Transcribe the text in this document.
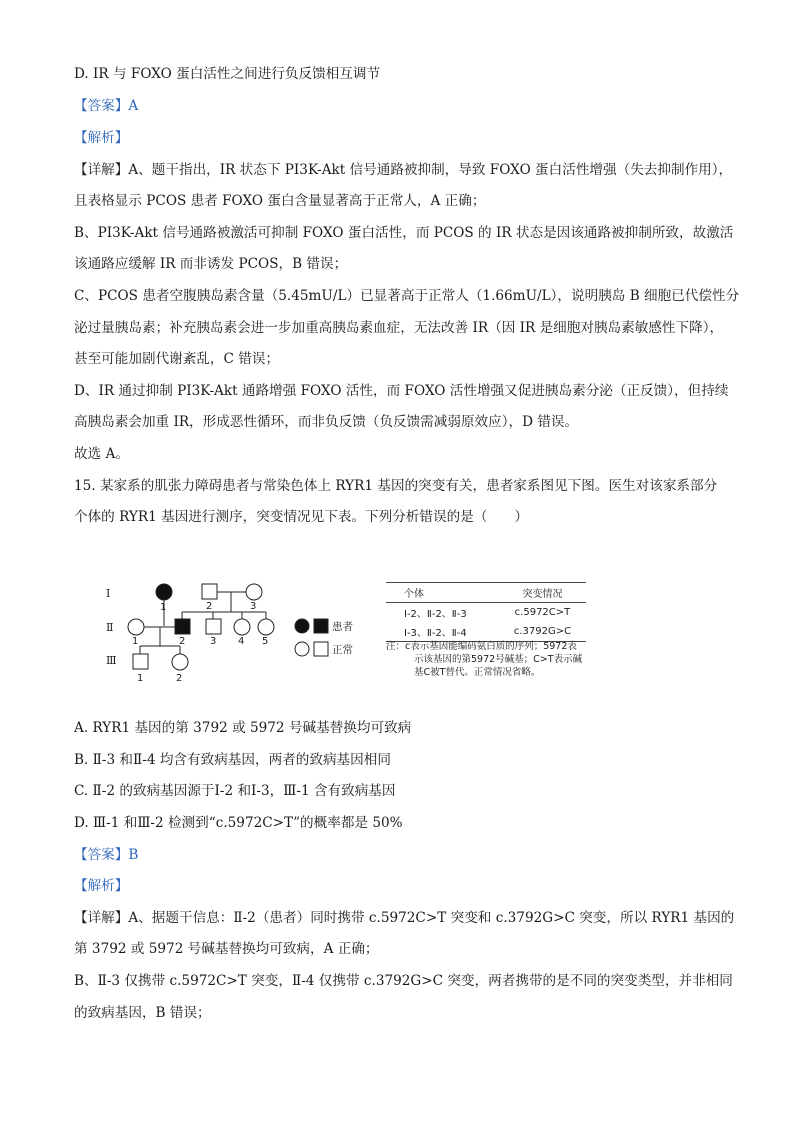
D. IR 与 FOXO 蛋白活性之间进行负反馈相互调节
【答案】A
【解析】
【详解】A、题干指出，IR 状态下 PI3K-Akt 信号通路被抑制，导致 FOXO 蛋白活性增强（失去抑制作用），
且表格显示 PCOS 患者 FOXO 蛋白含量显著高于正常人，A 正确；
B、PI3K-Akt 信号通路被激活可抑制 FOXO 蛋白活性，而 PCOS 的 IR 状态是因该通路被抑制所致，故激活
该通路应缓解 IR 而非诱发 PCOS，B 错误；
C、PCOS 患者空腹胰岛素含量（5.45mU/L）已显著高于正常人（1.66mU/L），说明胰岛 B 细胞已代偿性分
泌过量胰岛素；补充胰岛素会进一步加重高胰岛素血症，无法改善 IR（因 IR 是细胞对胰岛素敏感性下降），
甚至可能加剧代谢紊乱，C 错误；
D、IR 通过抑制 PI3K-Akt 通路增强 FOXO 活性，而 FOXO 活性增强又促进胰岛素分泌（正反馈），但持续
高胰岛素会加重 IR，形成恶性循环，而非负反馈（负反馈需减弱原效应），D 错误。
故选 A。
15. 某家系的肌张力障碍患者与常染色体上 RYR1 基因的突变有关，患者家系图见下图。医生对该家系部分
个体的 RYR1 基因进行测序，突变情况见下表。下列分析错误的是（　　）
A. RYR1 基因的第 3792 或 5972 号碱基替换均可致病
B. Ⅱ-3 和Ⅱ-4 均含有致病基因，两者的致病基因相同
C. Ⅱ-2 的致病基因源于Ⅰ-2 和Ⅰ-3，Ⅲ-1 含有致病基因
D. Ⅲ-1 和Ⅲ-2 检测到“c.5972C>T”的概率都是 50%
【答案】B
【解析】
【详解】A、据题干信息：Ⅱ-2（患者）同时携带 c.5972C>T 突变和 c.3792G>C 突变，所以 RYR1 基因的
第 3792 或 5972 号碱基替换均可致病，A 正确；
B、Ⅱ-3 仅携带 c.5972C>T 突变，Ⅱ-4 仅携带 c.3792G>C 突变，两者携带的是不同的突变类型，并非相同
的致病基因，B 错误；
Ⅰ
Ⅱ
Ⅲ
1	2	3
1	2 3 4 5
1	2
患者
正常
个体	突变情况
Ⅰ-2、Ⅱ-2、Ⅱ-3	c.5972C>T
Ⅰ-3、Ⅱ-2、Ⅱ-4	c.3792G>C
注：c表示基因能编码氨白质的序列；5972表
示该基因的第5972号碱基；C>T表示碱
基C被T替代。正常情况省略。
